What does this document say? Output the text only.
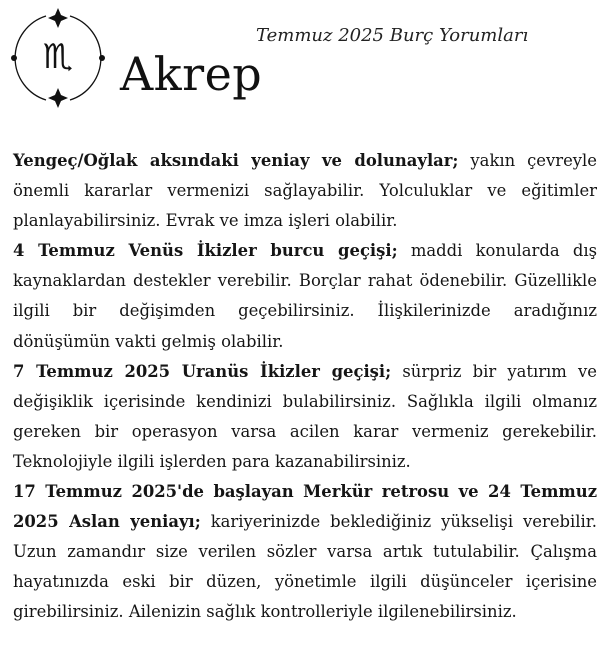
♏
Temmuz 2025 Burç Yorumları
Akrep

Yengeç/Oğlak aksındaki yeniay ve dolunaylar; yakın çevreyle önemli kararlar vermenizi sağlayabilir. Yolculuklar ve eğitimler planlayabilirsiniz. Evrak ve imza işleri olabilir.

4 Temmuz Venüs İkizler burcu geçişi; maddi konularda dış kaynaklardan destekler verebilir. Borçlar rahat ödenebilir. Güzellikle ilgili bir değişimden geçebilirsiniz. İlişkilerinizde aradığınız dönüşümün vakti gelmiş olabilir.

7 Temmuz 2025 Uranüs İkizler geçişi; sürpriz bir yatırım ve değişiklik içerisinde kendinizi bulabilirsiniz. Sağlıkla ilgili olmanız gereken bir operasyon varsa acilen karar vermeniz gerekebilir. Teknolojiyle ilgili işlerden para kazanabilirsiniz.

17 Temmuz 2025'de başlayan Merkür retrosu ve 24 Temmuz 2025 Aslan yeniayı; kariyerinizde beklediğiniz yükselişi verebilir. Uzun zamandır size verilen sözler varsa artık tutulabilir. Çalışma hayatınızda eski bir düzen, yönetimle ilgili düşünceler içerisine girebilirsiniz. Ailenizin sağlık kontrolleriyle ilgilenebilirsiniz.
